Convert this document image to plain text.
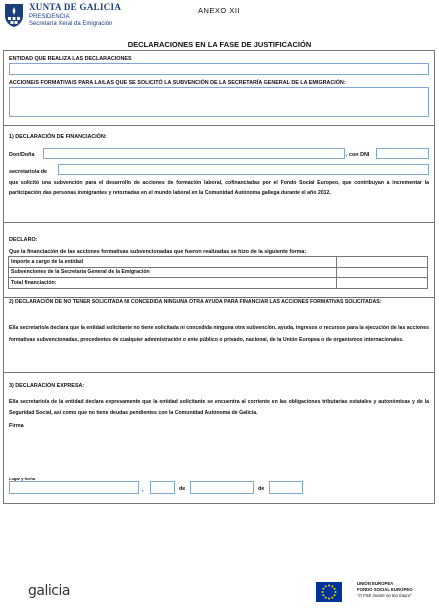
XUNTA DE GALICIA
PRESIDENCIA
Secretaría Xeral da Emigración
ANEXO XII
DECLARACIONES EN LA FASE DE JUSTIFICACIÓN
ENTIDAD QUE REALIZA LAS DECLARACIONES
ACCIONE/S FORMATIVA/S PARA LA/LAS QUE SE SOLICITÓ LA SUBVENCIÓN DE LA SECRETARÍA GENERAL DE LA EMIGRACIÓN:
1) DECLARACIÓN DE FINANCIACIÓN:
Don/Doña	, con DNI
secretario/a de
que solicitó una subvención para el desarrollo de acciones de formación laboral, cofinanciadas por el Fondo Social Europeo, que contribuyan a incrementar la participación das personas inmigrantes y retornadas en el mundo laboral en la Comunidad Autónoma gallega durante el año 2012,
DECLARO:
Que la financiación de las acciones formativas subvencionadas que fueron realizadas se hizo de la siguiente forma:
Importe a cargo de la entidad	
Subvenciones de la Secretaría General de la Emigración	
Total financiación:	
2) DECLARACIÓN DE NO TENER SOLICITADA NI CONCEDIDA NINGUNA OTRA AYUDA PARA FINANCIAR LAS ACCIONES FORMATIVAS SOLICITADAS:
El/a secretario/a declara que la entidad solicitante no tiene solicitada ni concedida ninguna otra subvención, ayuda, ingresos o recursos para la ejecución de las acciones formativas subvencionadas, procedentes de cualquier administración o ente público o privado, nacional, de la Unión Europea o de organismos internacionales.
3) DECLARACIÓN EXPRESA:
El/a secretario/a de la entidad declara expresamente que la entidad solicitante se encuentra al corriente en las obligaciones tributarias estatales y autonómicas y de la Seguridad Social, así como que no tiene deudas pendientes con la Comunidad Autónoma de Galicia.
Firma
Lugar y fecha
,	de	de
galicia	UNIÓN EUROPEA
FONDO SOCIAL EUROPEO
"O FSE inviste no teu futuro"
